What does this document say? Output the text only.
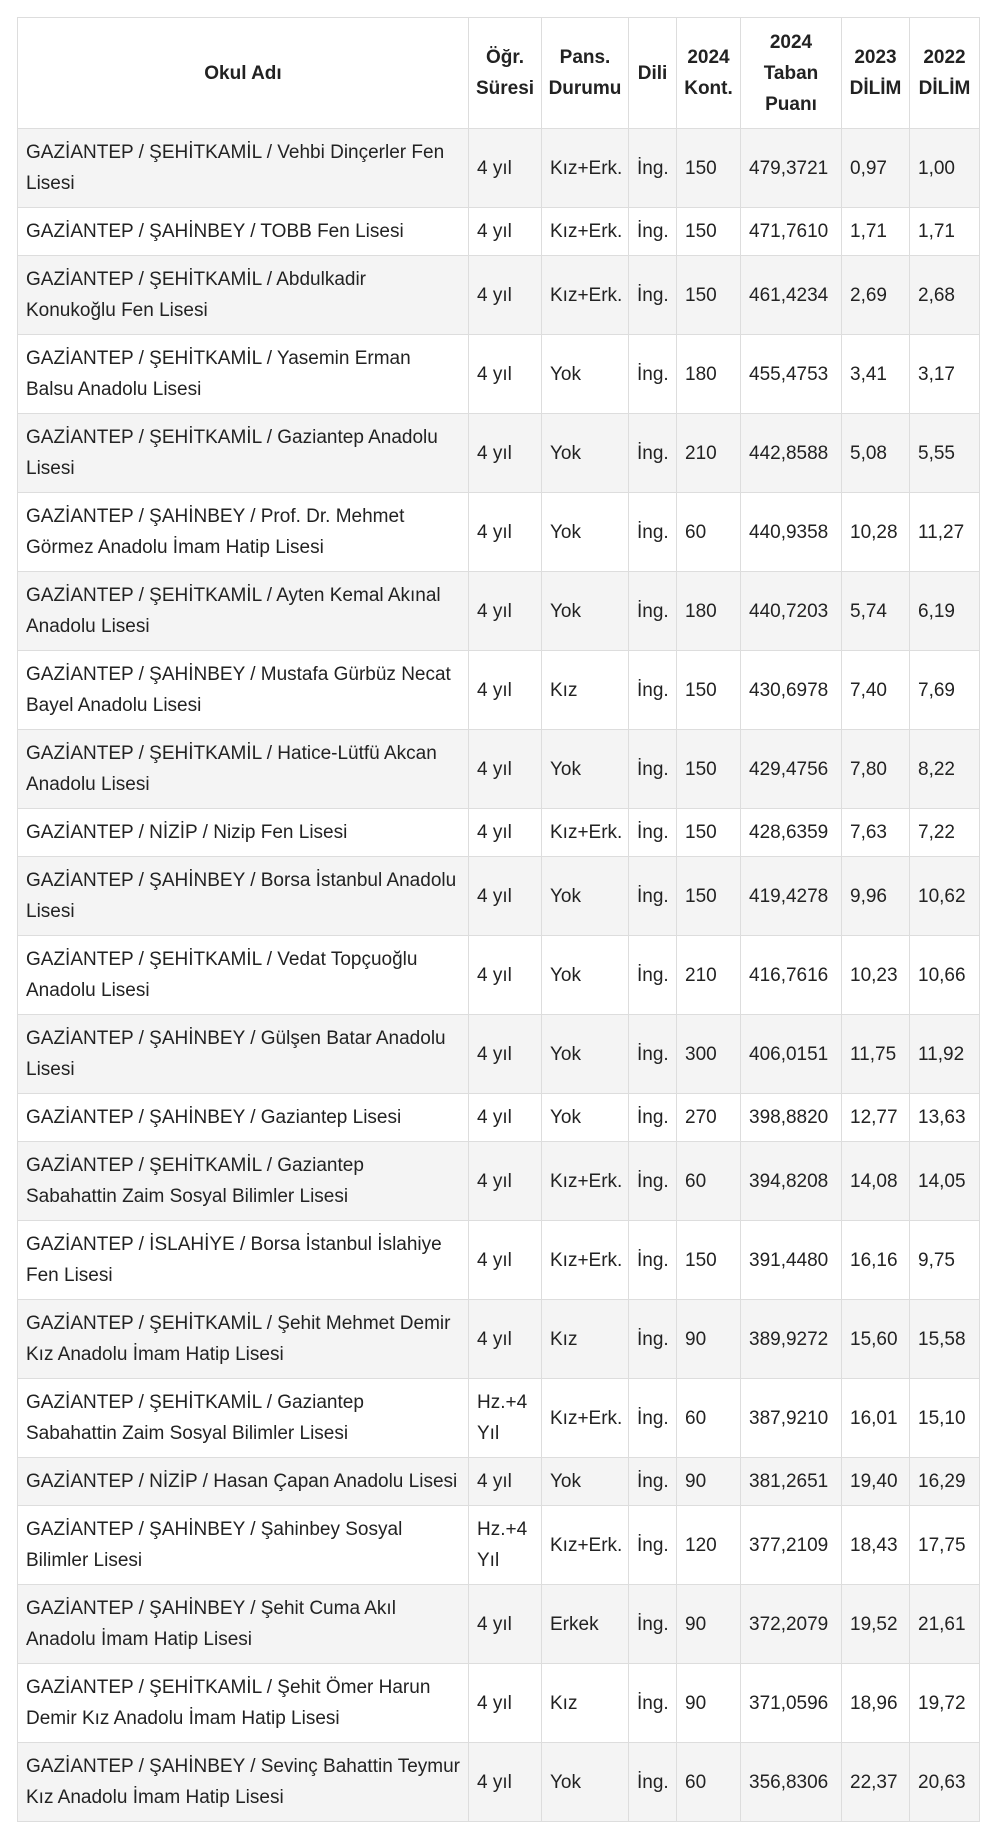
Okul Adı	Öğr. Süresi	Pans. Durumu	Dili	2024 Kont.	2024 Taban Puanı	2023 DİLİM	2022 DİLİM
GAZİANTEP / ŞEHİTKAMİL / Vehbi Dinçerler Fen Lisesi	4 yıl	Kız+Erk.	İng.	150	479,3721	0,97	1,00
GAZİANTEP / ŞAHİNBEY / TOBB Fen Lisesi	4 yıl	Kız+Erk.	İng.	150	471,7610	1,71	1,71
GAZİANTEP / ŞEHİTKAMİL / Abdulkadir Konukoğlu Fen Lisesi	4 yıl	Kız+Erk.	İng.	150	461,4234	2,69	2,68
GAZİANTEP / ŞEHİTKAMİL / Yasemin Erman Balsu Anadolu Lisesi	4 yıl	Yok	İng.	180	455,4753	3,41	3,17
GAZİANTEP / ŞEHİTKAMİL / Gaziantep Anadolu Lisesi	4 yıl	Yok	İng.	210	442,8588	5,08	5,55
GAZİANTEP / ŞAHİNBEY / Prof. Dr. Mehmet Görmez Anadolu İmam Hatip Lisesi	4 yıl	Yok	İng.	60	440,9358	10,28	11,27
GAZİANTEP / ŞEHİTKAMİL / Ayten Kemal Akınal Anadolu Lisesi	4 yıl	Yok	İng.	180	440,7203	5,74	6,19
GAZİANTEP / ŞAHİNBEY / Mustafa Gürbüz Necat Bayel Anadolu Lisesi	4 yıl	Kız	İng.	150	430,6978	7,40	7,69
GAZİANTEP / ŞEHİTKAMİL / Hatice-Lütfü Akcan Anadolu Lisesi	4 yıl	Yok	İng.	150	429,4756	7,80	8,22
GAZİANTEP / NİZİP / Nizip Fen Lisesi	4 yıl	Kız+Erk.	İng.	150	428,6359	7,63	7,22
GAZİANTEP / ŞAHİNBEY / Borsa İstanbul Anadolu Lisesi	4 yıl	Yok	İng.	150	419,4278	9,96	10,62
GAZİANTEP / ŞEHİTKAMİL / Vedat Topçuoğlu Anadolu Lisesi	4 yıl	Yok	İng.	210	416,7616	10,23	10,66
GAZİANTEP / ŞAHİNBEY / Gülşen Batar Anadolu Lisesi	4 yıl	Yok	İng.	300	406,0151	11,75	11,92
GAZİANTEP / ŞAHİNBEY / Gaziantep Lisesi	4 yıl	Yok	İng.	270	398,8820	12,77	13,63
GAZİANTEP / ŞEHİTKAMİL / Gaziantep Sabahattin Zaim Sosyal Bilimler Lisesi	4 yıl	Kız+Erk.	İng.	60	394,8208	14,08	14,05
GAZİANTEP / İSLAHİYE / Borsa İstanbul İslahiye Fen Lisesi	4 yıl	Kız+Erk.	İng.	150	391,4480	16,16	9,75
GAZİANTEP / ŞEHİTKAMİL / Şehit Mehmet Demir Kız Anadolu İmam Hatip Lisesi	4 yıl	Kız	İng.	90	389,9272	15,60	15,58
GAZİANTEP / ŞEHİTKAMİL / Gaziantep Sabahattin Zaim Sosyal Bilimler Lisesi	Hz.+4 Yıl	Kız+Erk.	İng.	60	387,9210	16,01	15,10
GAZİANTEP / NİZİP / Hasan Çapan Anadolu Lisesi	4 yıl	Yok	İng.	90	381,2651	19,40	16,29
GAZİANTEP / ŞAHİNBEY / Şahinbey Sosyal Bilimler Lisesi	Hz.+4 Yıl	Kız+Erk.	İng.	120	377,2109	18,43	17,75
GAZİANTEP / ŞAHİNBEY / Şehit Cuma Akıl Anadolu İmam Hatip Lisesi	4 yıl	Erkek	İng.	90	372,2079	19,52	21,61
GAZİANTEP / ŞEHİTKAMİL / Şehit Ömer Harun Demir Kız Anadolu İmam Hatip Lisesi	4 yıl	Kız	İng.	90	371,0596	18,96	19,72
GAZİANTEP / ŞAHİNBEY / Sevinç Bahattin Teymur Kız Anadolu İmam Hatip Lisesi	4 yıl	Yok	İng.	60	356,8306	22,37	20,63
